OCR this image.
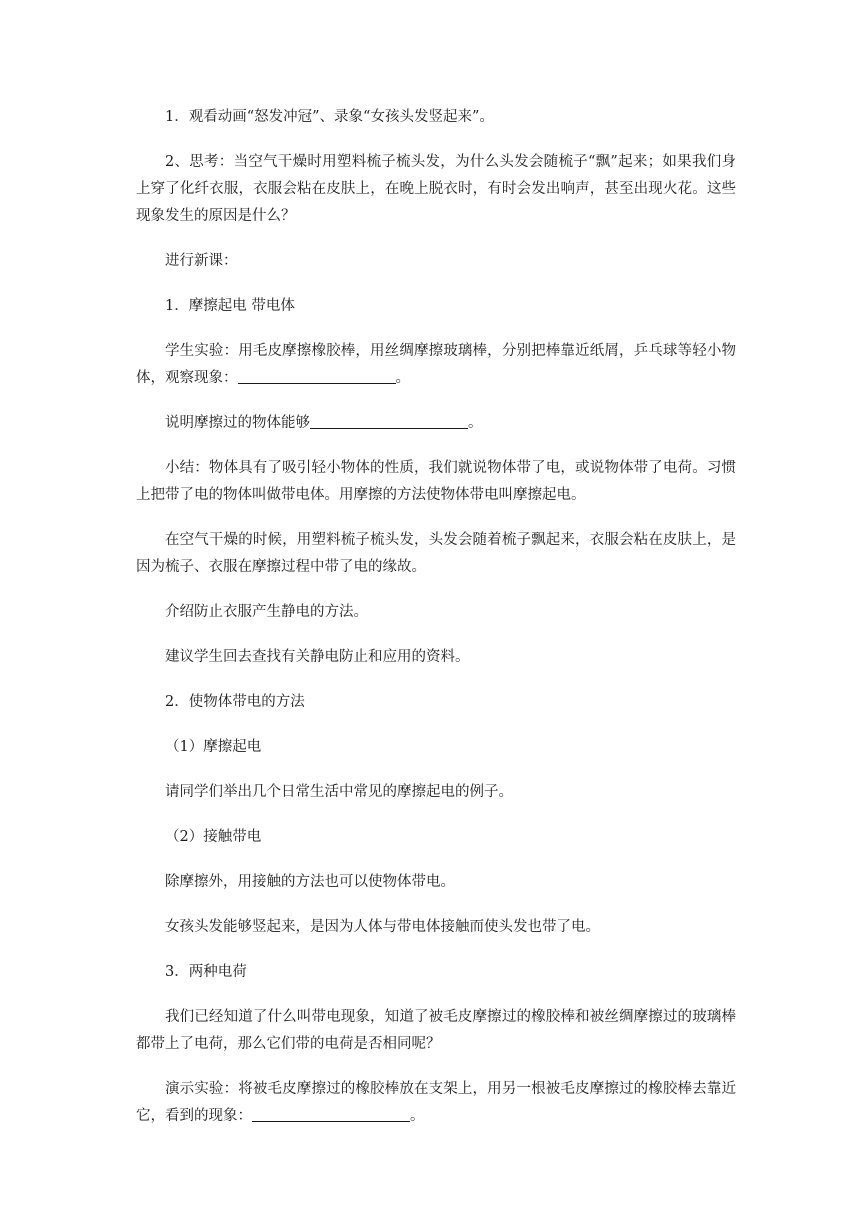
1．观看动画“怒发冲冠”、录象“女孩头发竖起来”。

2、思考：当空气干燥时用塑料梳子梳头发，为什么头发会随梳子“飘”起来；如果我们身上穿了化纤衣服，衣服会粘在皮肤上，在晚上脱衣时，有时会发出响声，甚至出现火花。这些现象发生的原因是什么？

进行新课：

1．摩擦起电 带电体

学生实验：用毛皮摩擦橡胶棒，用丝绸摩擦玻璃棒，分别把棒靠近纸屑，乒乓球等轻小物体，观察现象：	。

说明摩擦过的物体能够	。

小结：物体具有了吸引轻小物体的性质，我们就说物体带了电，或说物体带了电荷。习惯上把带了电的物体叫做带电体。用摩擦的方法使物体带电叫摩擦起电。

在空气干燥的时候，用塑料梳子梳头发，头发会随着梳子飘起来，衣服会粘在皮肤上，是因为梳子、衣服在摩擦过程中带了电的缘故。

介绍防止衣服产生静电的方法。

建议学生回去查找有关静电防止和应用的资料。

2．使物体带电的方法

（1）摩擦起电

请同学们举出几个日常生活中常见的摩擦起电的例子。

（2）接触带电

除摩擦外，用接触的方法也可以使物体带电。

女孩头发能够竖起来，是因为人体与带电体接触而使头发也带了电。

3．两种电荷

我们已经知道了什么叫带电现象，知道了被毛皮摩擦过的橡胶棒和被丝绸摩擦过的玻璃棒都带上了电荷，那么它们带的电荷是否相同呢？

演示实验：将被毛皮摩擦过的橡胶棒放在支架上，用另一根被毛皮摩擦过的橡胶棒去靠近它，看到的现象：	。
